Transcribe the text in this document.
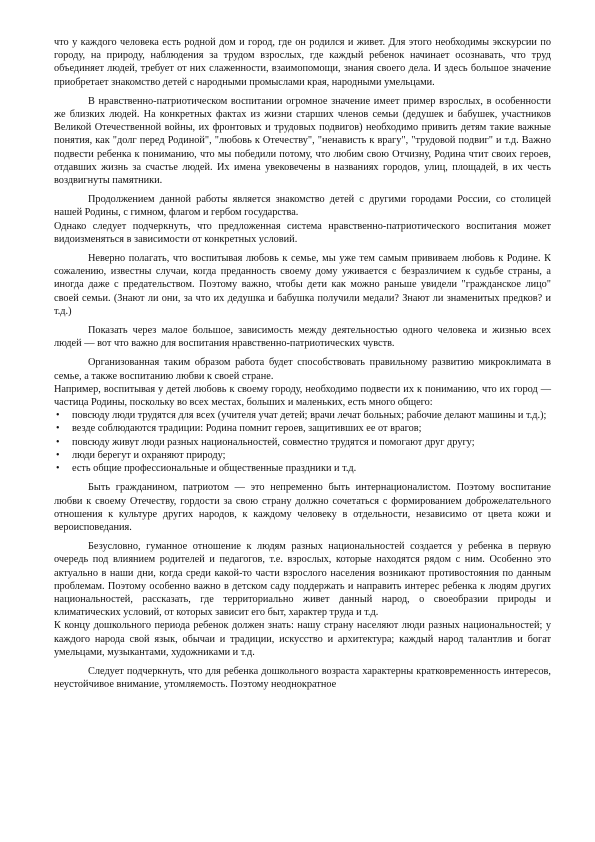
что у каждого человека есть родной дом и город, где он родился и живет. Для этого необходимы экскурсии по городу, на природу, наблюдения за трудом взрослых, где каждый ребенок начинает осознавать, что труд объединяет людей, требует от них слаженности, взаимопомощи, знания своего дела. И здесь большое значение приобретает знакомство детей с народными промыслами края, народными умельцами.

В нравственно-патриотическом воспитании огромное значение имеет пример взрослых, в особенности же близких людей. На конкретных фактах из жизни старших членов семьи (дедушек и бабушек, участников Великой Отечественной войны, их фронтовых и трудовых подвигов) необходимо привить детям такие важные понятия, как "долг перед Родиной", "любовь к Отечеству", "ненависть к врагу", "трудовой подвиг" и т.д. Важно подвести ребенка к пониманию, что мы победили потому, что любим свою Отчизну, Родина чтит своих героев, отдавших жизнь за счастье людей. Их имена увековечены в названиях городов, улиц, площадей, в их честь воздвигнуты памятники.

Продолжением данной работы является знакомство детей с другими городами России, со столицей нашей Родины, с гимном, флагом и гербом государства.

Однако следует подчеркнуть, что предложенная система нравственно-патриотического воспитания может видоизменяться в зависимости от конкретных условий.

Неверно полагать, что воспитывая любовь к семье, мы уже тем самым прививаем любовь к Родине. К сожалению, известны случаи, когда преданность своему дому уживается с безразличием к судьбе страны, а иногда даже с предательством. Поэтому важно, чтобы дети как можно раньше увидели "гражданское лицо" своей семьи. (Знают ли они, за что их дедушка и бабушка получили медали? Знают ли знаменитых предков? и т.д.)

Показать через малое большое, зависимость между деятельностью одного человека и жизнью всех людей — вот что важно для воспитания нравственно-патриотических чувств.

Организованная таким образом работа будет способствовать правильному развитию микроклимата в семье, а также воспитанию любви к своей стране.

Например, воспитывая у детей любовь к своему городу, необходимо подвести их к пониманию, что их город — частица Родины, поскольку во всех местах, больших и маленьких, есть много общего:

• повсюду люди трудятся для всех (учителя учат детей; врачи лечат больных; рабочие делают машины и т.д.);
• везде соблюдаются традиции: Родина помнит героев, защитивших ее от врагов;
• повсюду живут люди разных национальностей, совместно трудятся и помогают друг другу;
• люди берегут и охраняют природу;
• есть общие профессиональные и общественные праздники и т.д.

Быть гражданином, патриотом — это непременно быть интернационалистом. Поэтому воспитание любви к своему Отечеству, гордости за свою страну должно сочетаться с формированием доброжелательного отношения к культуре других народов, к каждому человеку в отдельности, независимо от цвета кожи и вероисповедания.

Безусловно, гуманное отношение к людям разных национальностей создается у ребенка в первую очередь под влиянием родителей и педагогов, т.е. взрослых, которые находятся рядом с ним. Особенно это актуально в наши дни, когда среди какой-то части взрослого населения возникают противостояния по данным проблемам. Поэтому особенно важно в детском саду поддержать и направить интерес ребенка к людям других национальностей, рассказать, где территориально живет данный народ, о своеобразии природы и климатических условий, от которых зависит его быт, характер труда и т.д.

К концу дошкольного периода ребенок должен знать: нашу страну населяют люди разных национальностей; у каждого народа свой язык, обычаи и традиции, искусство и архитектура; каждый народ талантлив и богат умельцами, музыкантами, художниками и т.д.

Следует подчеркнуть, что для ребенка дошкольного возраста характерны кратковременность интересов, неустойчивое внимание, утомляемость. Поэтому неоднократное
